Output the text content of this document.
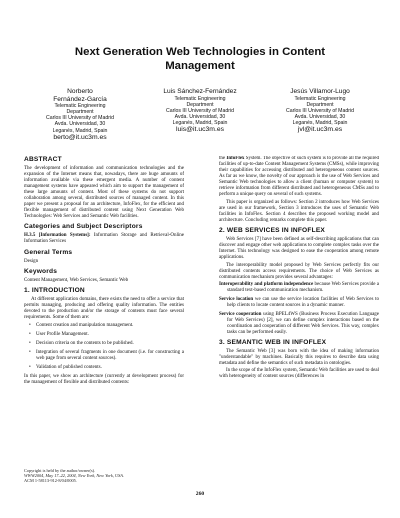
Next Generation Web Technologies in Content
Management
Norberto
Fernández-García
Telematic Engineering
Department
Carlos III University of Madrid
Avda. Universidad, 30
Leganés, Madrid, Spain
berto@it.uc3m.es
Luis Sánchez-Fernández
Telematic Engineering
Department
Carlos III University of Madrid
Avda. Universidad, 30
Leganés, Madrid, Spain
luis@it.uc3m.es
Jesús Villamor-Lugo
Telematic Engineering
Department
Carlos III University of Madrid
Avda. Universidad, 30
Leganés, Madrid, Spain
jvl@it.uc3m.es
ABSTRACT

The development of information and communication technologies and the expansion of the Internet means that, nowadays, there are huge amounts of information available via these emergent media. A number of content management systems have appeared which aim to support the management of these large amounts of content. Most of these systems do not support collaboration among several, distributed sources of managed content. In this paper we present a proposal for an architecture, InfoFlex, for the efficient and flexible management of distributed content using Next Generation Web Technologies: Web Services and Semantic Web facilities.

Categories and Subject Descriptors

H.3.5 [Information Systems]: Information Storage and Retrieval-Online Information Services

General Terms

Design

Keywords

Content Management, Web Services, Semantic Web

1. INTRODUCTION

At different application domains, there exists the need to offer a service that permits managing, producing and offering quality information. The entities devoted to the production and/or the storage of contents must face several requirements. Some of them are:

• Content creation and manipulation management.
• User Profile Management.
• Decision criteria on the contents to be published.
• Integration of several fragments in one document (i.e. for constructing a web page from several content sources).
• Validation of published contents.

In this paper, we show an architecture (currently at development process) for the management of flexible and distributed contents:

Copyright is held by the author/owner(s).
WWW2004, May 17–22, 2004, New York, New York, USA.
ACM 1-58113-912-8/04/0005.

the InfoFlex System. The objective of such system is to provide all the required facilities of up-to-date Content Management Systems (CMSs), while improving their capabilities for accessing distributed and heterogeneous content sources. As far as we know, the novelty of our approach is the use of Web Services and Semantic Web technologies to allow a client (human or computer system) to retrieve information from different distributed and heterogeneous CMSs and to perform a unique query on several of such systems.

This paper is organized as follows: Section 2 introduces how Web Services are used in our framework, Section 3 introduces the uses of Semantic Web facilities in InfoFlex. Section 4 describes the proposed working model and architecture. Concluding remarks complete this paper.

2. WEB SERVICES IN INFOFLEX

Web Services [7] have been defined as self-describing applications that can discover and engage other web applications to complete complex tasks over the Internet. This technology was designed to ease the cooperation among remote applications.

The interoperability model proposed by Web Services perfectly fits our distributed contents access requirements. The choice of Web Services as communication mechanism provides several advantages:

Interoperability and platform independence because Web Services provide a standard text-based communication mechanism.
Service location we can use the service location facilities of Web Services to help clients to locate content sources in a dynamic manner.
Service cooperation using BPEL4WS (Business Process Execution Language for Web Services) [2], we can define complex interactions based on the coordination and cooperation of different Web Services. This way, complex tasks can be performed easily.
3. SEMANTIC WEB IN INFOFLEX

The Semantic Web [3] was born with the idea of making information "understandable" by machines. Basically this requires to describe data using metadata and define the semantics of such metadata in ontologies.

In the scope of the InfoFlex system, Semantic Web facilities are used to deal with heterogeneity of content sources (differences in

260
